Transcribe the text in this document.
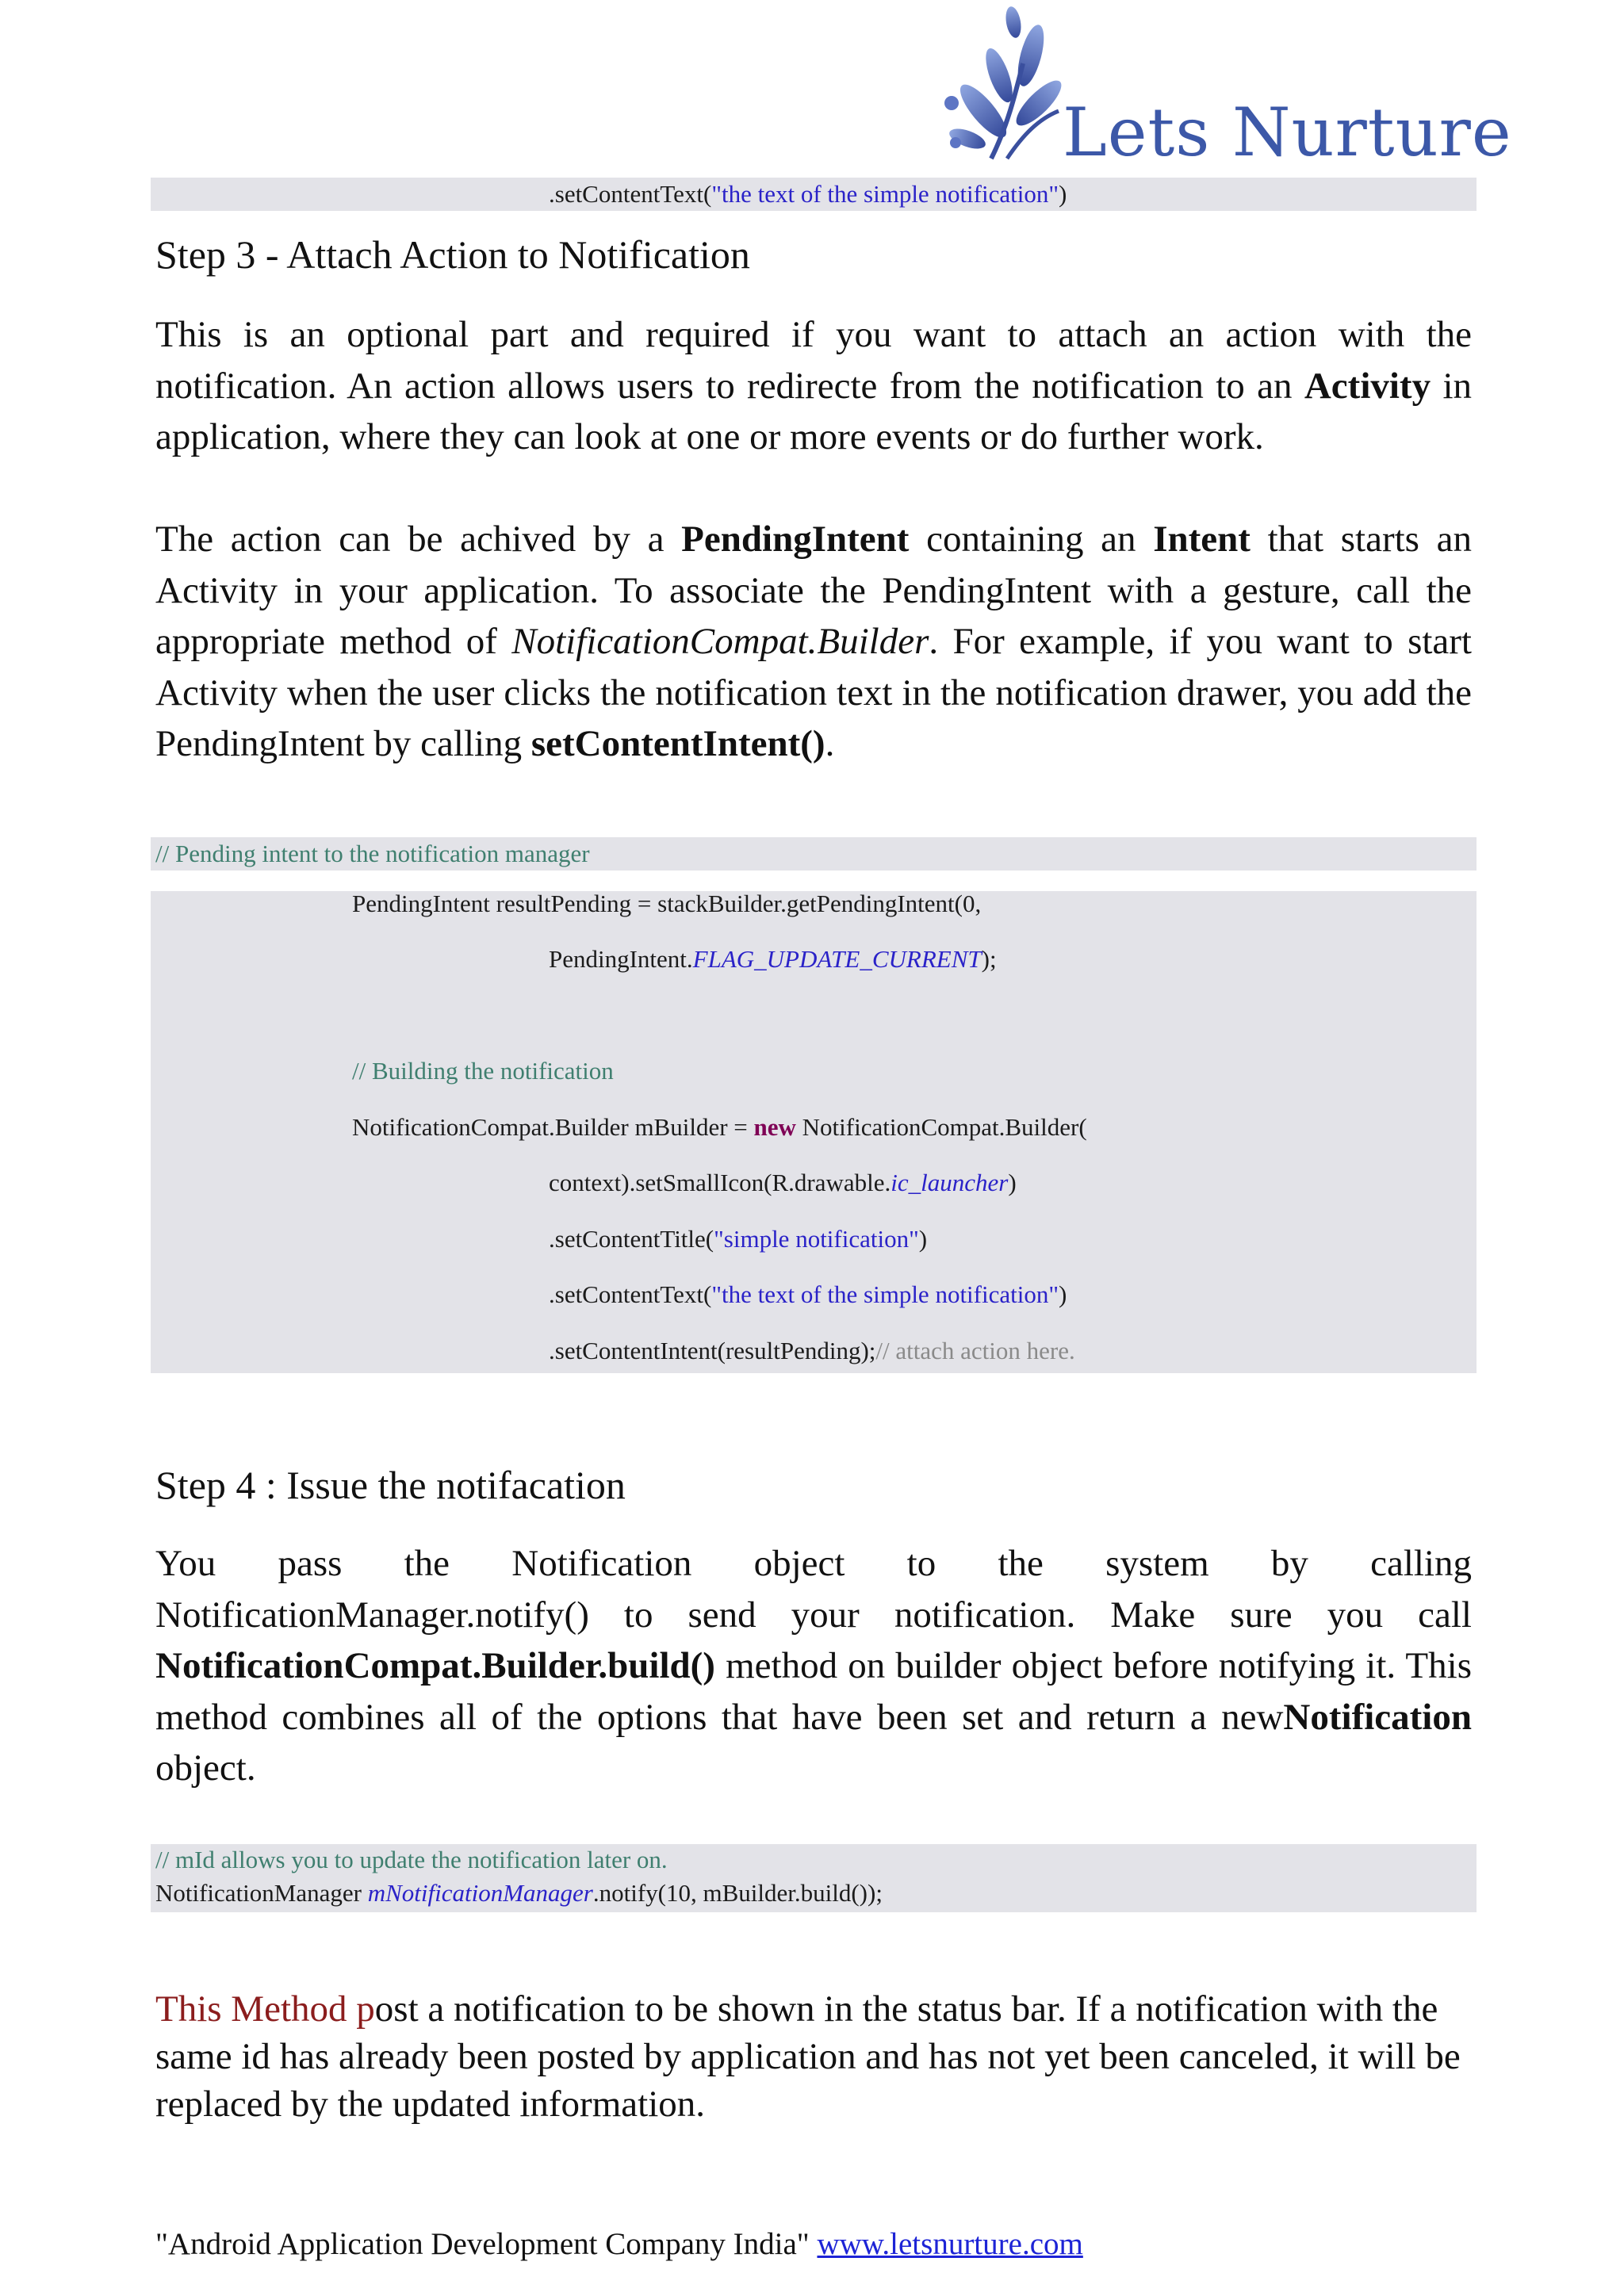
Lets Nurture
.setContentText("the text of the simple notification")
Step 3 - Attach Action to Notification
This is an optional part and required if you want to attach an action with the notification. An action allows users to redirecte from the notification to an Activity in application, where they can look at one or more events or do further work.
The action can be achived by a PendingIntent containing an Intent that starts an Activity in your application. To associate the PendingIntent with a gesture, call the appropriate method of NotificationCompat.Builder. For example, if you want to start Activity when the user clicks the notification text in the notification drawer, you add the PendingIntent by calling setContentIntent().
// Pending intent to the notification manager
PendingIntent resultPending = stackBuilder.getPendingIntent(0,
PendingIntent.FLAG_UPDATE_CURRENT);
// Building the notification
NotificationCompat.Builder mBuilder = new NotificationCompat.Builder(
context).setSmallIcon(R.drawable.ic_launcher)
.setContentTitle("simple notification")
.setContentText("the text of the simple notification")
.setContentIntent(resultPending);// attach action here.
Step 4 : Issue the notifacation
You pass the Notification object to the system by calling
NotificationManager.notify() to send your notification. Make sure you call NotificationCompat.Builder.build() method on builder object before notifying it. This method combines all of the options that have been set and return a newNotification object.
// mId allows you to update the notification later on.
NotificationManager mNotificationManager.notify(10, mBuilder.build());
This Method post a notification to be shown in the status bar. If a notification with the same id has already been posted by application and has not yet been canceled, it will be replaced by the updated information.
"Android Application Development Company India" www.letsnurture.com
